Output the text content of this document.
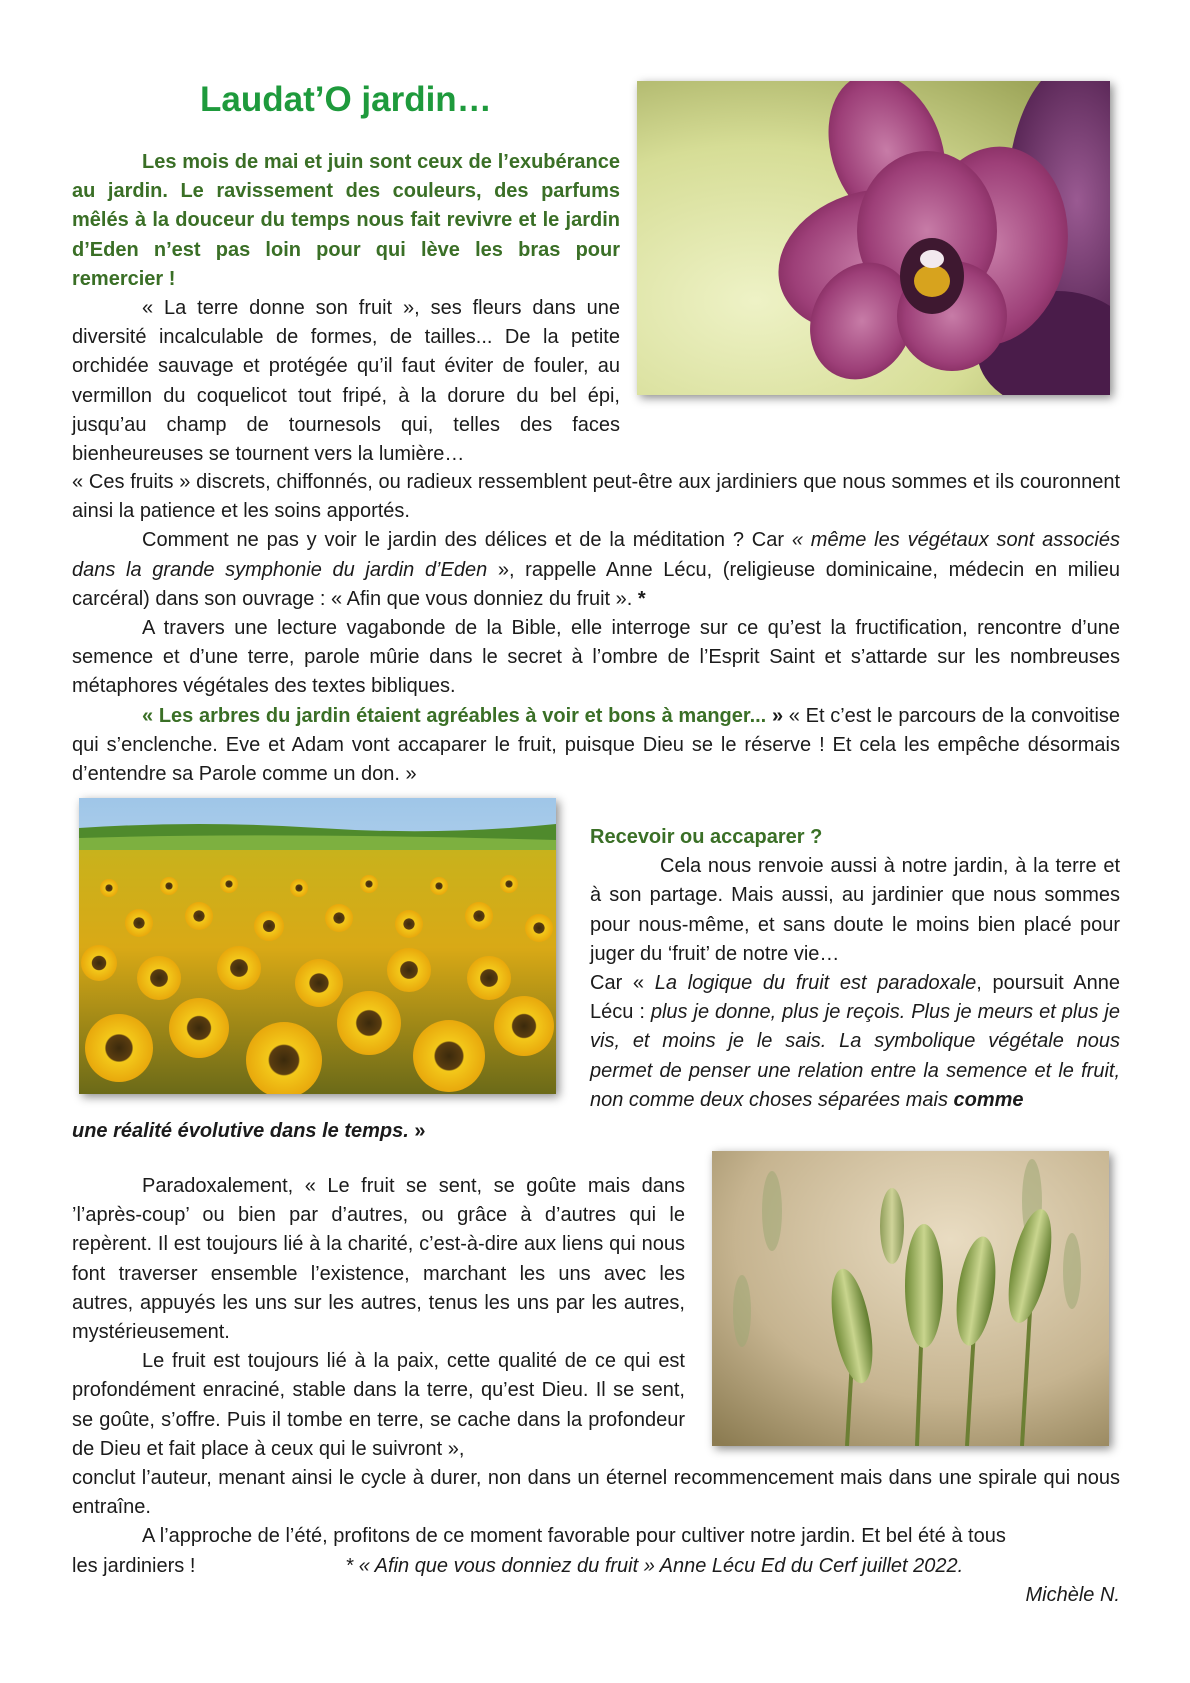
Laudat’O jardin…

Les mois de mai et juin sont ceux de l’exubérance au jardin. Le ravissement des couleurs, des parfums mêlés à la douceur du temps nous fait revivre et le jardin d’Eden n’est pas loin pour qui lève les bras pour remercier !

« La terre donne son fruit », ses fleurs dans une diversité incalculable de formes, de tailles... De la petite orchidée sauvage et protégée qu’il faut éviter de fouler, au vermillon du coquelicot tout fripé, à la dorure du bel épi, jusqu’au champ de tournesols qui, telles des faces bienheureuses se tournent vers la lumière…

« Ces fruits » discrets, chiffonnés, ou radieux ressemblent peut-être aux jardiniers que nous sommes et ils couronnent ainsi la patience et les soins apportés.

Comment ne pas y voir le jardin des délices et de la méditation ? Car « même les végétaux sont associés dans la grande symphonie du jardin d’Eden », rappelle Anne Lécu, (religieuse dominicaine, médecin en milieu carcéral) dans son ouvrage : « Afin que vous donniez du fruit ». *

A travers une lecture vagabonde de la Bible, elle interroge sur ce qu’est la fructification, rencontre d’une semence et d’une terre, parole mûrie dans le secret à l’ombre de l’Esprit Saint et s’attarde sur les nombreuses métaphores végétales des textes bibliques.

« Les arbres du jardin étaient agréables à voir et bons à manger... » « Et c’est le parcours de la convoitise qui s’enclenche. Eve et Adam vont accaparer le fruit, puisque Dieu se le réserve ! Et cela les empêche désormais d’entendre sa Parole comme un don. »

Recevoir ou accaparer ?

Cela nous renvoie aussi à notre jardin, à la terre et à son partage. Mais aussi, au jardinier que nous sommes pour nous-même, et sans doute le moins bien placé pour juger du ‘fruit’ de notre vie…

Car « La logique du fruit est paradoxale, poursuit Anne Lécu : plus je donne, plus je reçois. Plus je meurs et plus je vis, et moins je le sais. La symbolique végétale nous permet de penser une relation entre la semence et le fruit, non comme deux choses séparées mais comme

une réalité évolutive dans le temps. »

Paradoxalement, « Le fruit se sent, se goûte mais dans ’l’après-coup’ ou bien par d’autres, ou grâce à d’autres qui le repèrent. Il est toujours lié à la charité, c’est-à-dire aux liens qui nous font traverser ensemble l’existence, marchant les uns avec les autres, appuyés les uns sur les autres, tenus les uns par les autres, mystérieusement.

Le fruit est toujours lié à la paix, cette qualité de ce qui est profondément enraciné, stable dans la terre, qu’est Dieu. Il se sent, se goûte, s’offre. Puis il tombe en terre, se cache dans la profondeur de Dieu et fait place à ceux qui le suivront »,

conclut l’auteur, menant ainsi le cycle à durer, non dans un éternel recommencement mais dans une spirale qui nous entraîne.

A l’approche de l’été, profitons de ce moment favorable pour cultiver notre jardin. Et bel été à tous

les jardiniers !	* « Afin que vous donniez du fruit » Anne Lécu Ed du Cerf juillet 2022.

Michèle N.
